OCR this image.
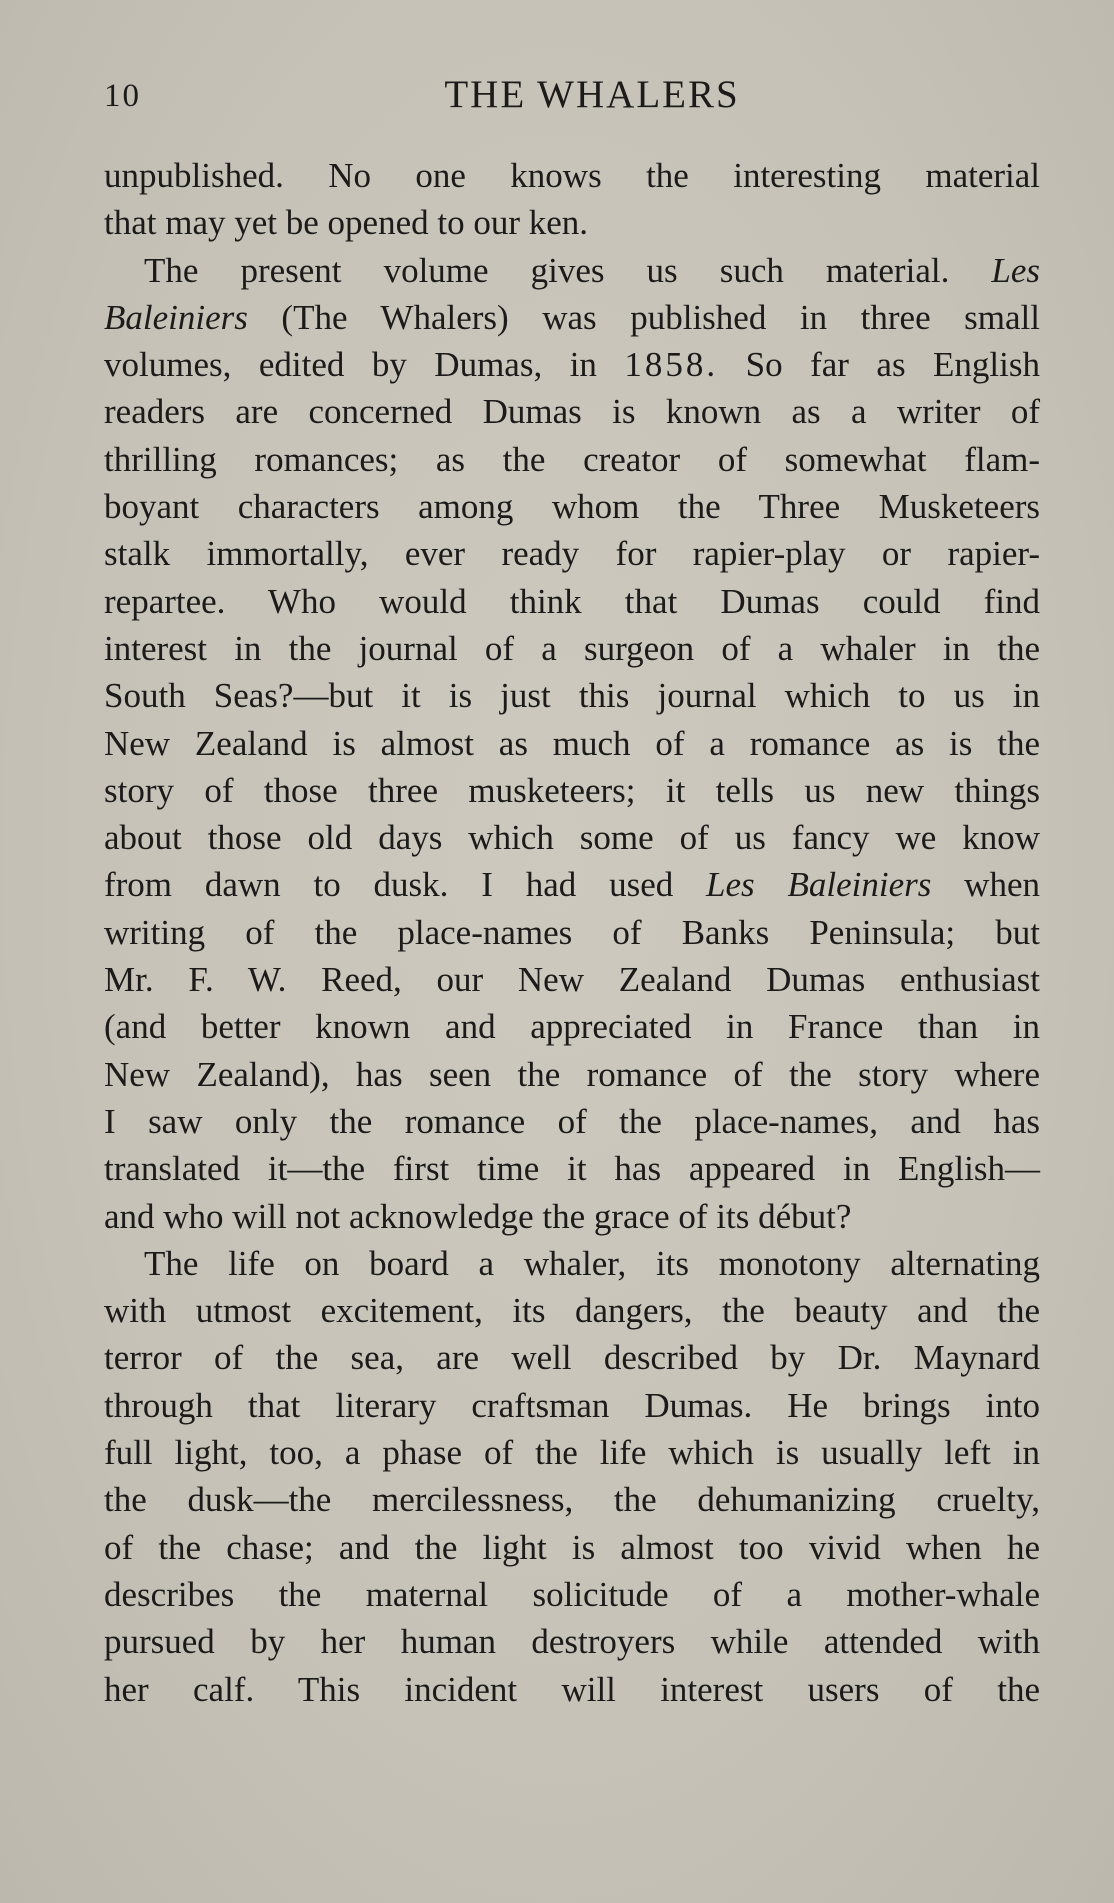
10	THE WHALERS
unpublished. No one knows the interesting material
that may yet be opened to our ken.
The present volume gives us such material. Les
Baleiniers (The Whalers) was published in three small
volumes, edited by Dumas, in 1858. So far as English
readers are concerned Dumas is known as a writer of
thrilling romances; as the creator of somewhat flam-
boyant characters among whom the Three Musketeers
stalk immortally, ever ready for rapier-play or rapier-
repartee. Who would think that Dumas could find
interest in the journal of a surgeon of a whaler in the
South Seas?—but it is just this journal which to us in
New Zealand is almost as much of a romance as is the
story of those three musketeers; it tells us new things
about those old days which some of us fancy we know
from dawn to dusk. I had used Les Baleiniers when
writing of the place-names of Banks Peninsula; but
Mr. F. W. Reed, our New Zealand Dumas enthusiast
(and better known and appreciated in France than in
New Zealand), has seen the romance of the story where
I saw only the romance of the place-names, and has
translated it—the first time it has appeared in English—
and who will not acknowledge the grace of its début?
The life on board a whaler, its monotony alternating
with utmost excitement, its dangers, the beauty and the
terror of the sea, are well described by Dr. Maynard
through that literary craftsman Dumas. He brings into
full light, too, a phase of the life which is usually left in
the dusk—the mercilessness, the dehumanizing cruelty,
of the chase; and the light is almost too vivid when he
describes the maternal solicitude of a mother-whale
pursued by her human destroyers while attended with
her calf. This incident will interest users of the
